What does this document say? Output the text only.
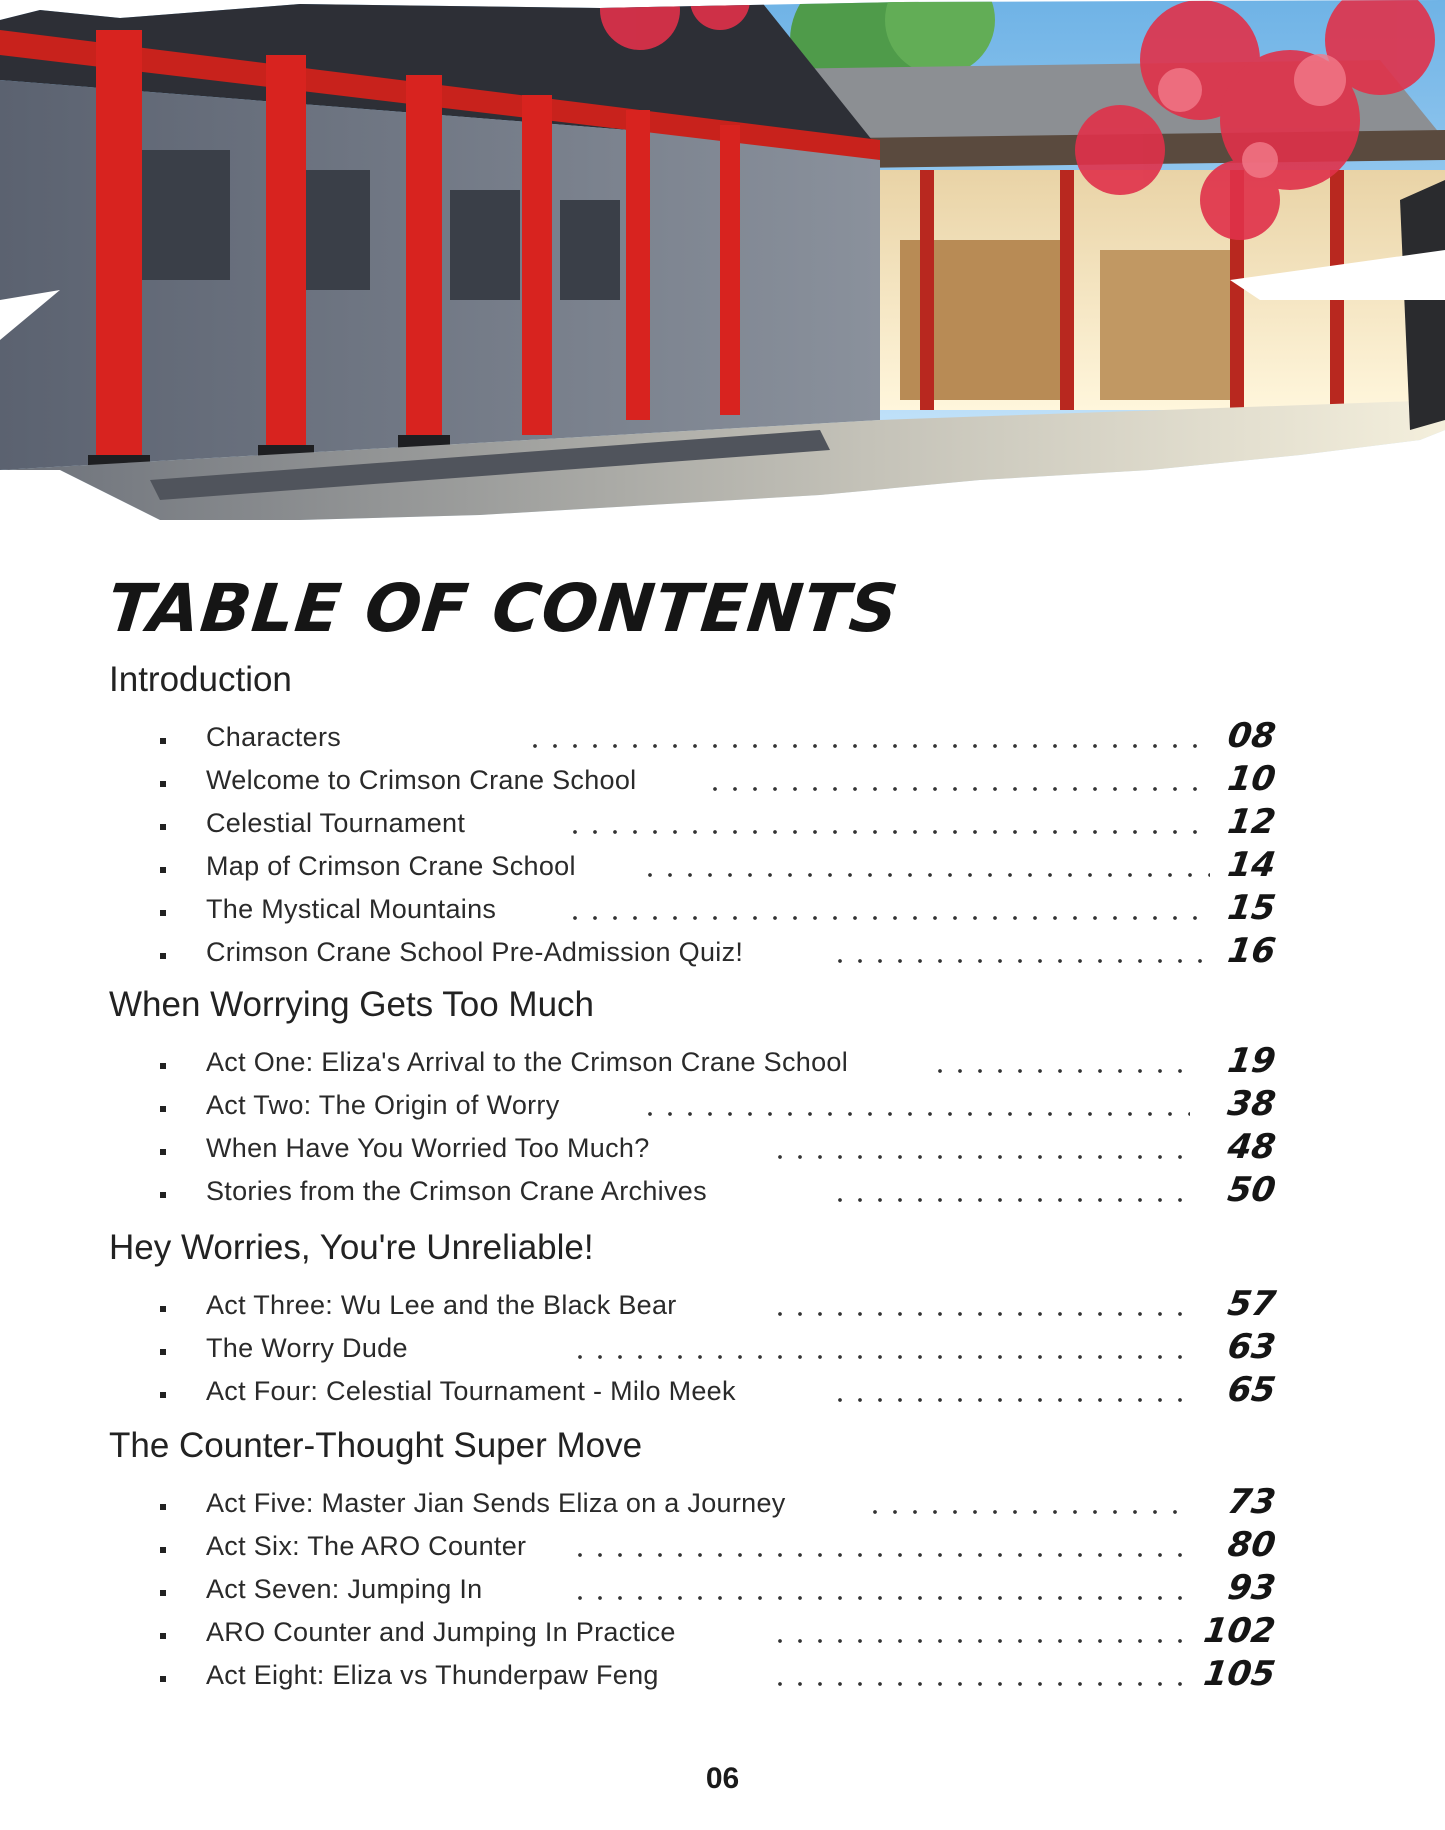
TABLE OF CONTENTS
Introduction
Characters	08
Welcome to Crimson Crane School	10
Celestial Tournament	12
Map of Crimson Crane School	14
The Mystical Mountains	15
Crimson Crane School Pre-Admission Quiz!	16
When Worrying Gets Too Much
Act One: Eliza's Arrival to the Crimson Crane School	19
Act Two: The Origin of Worry	38
When Have You Worried Too Much?	48
Stories from the Crimson Crane Archives	50
Hey Worries, You're Unreliable!
Act Three: Wu Lee and the Black Bear	57
The Worry Dude	63
Act Four: Celestial Tournament - Milo Meek	65
The Counter-Thought Super Move
Act Five: Master Jian Sends Eliza on a Journey	73
Act Six: The ARO Counter	80
Act Seven: Jumping In	93
ARO Counter and Jumping In Practice	102
Act Eight: Eliza vs Thunderpaw Feng	105
06
